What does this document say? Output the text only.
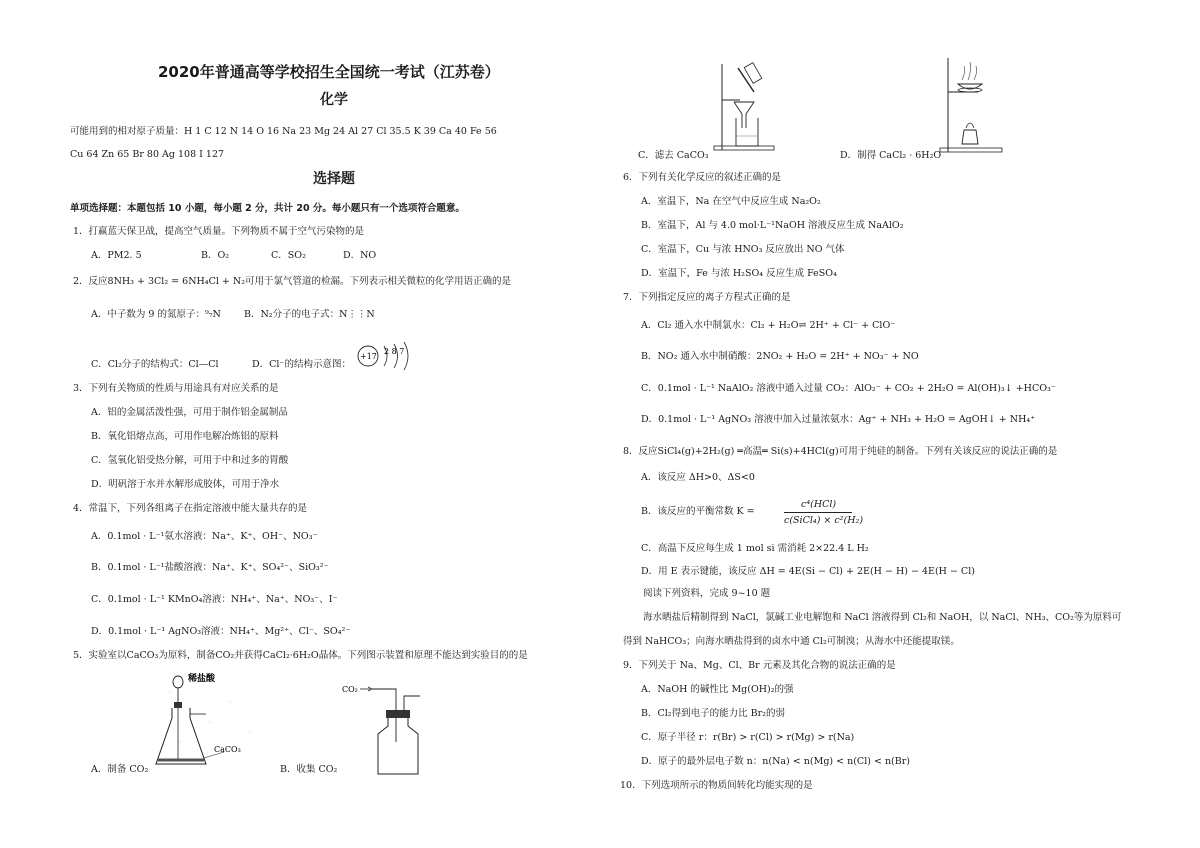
2020年普通高等学校招生全国统一考试（江苏卷）
化学
可能用到的相对原子质量：H 1 C 12 N 14 O 16 Na 23 Mg 24 Al 27 Cl 35.5 K 39 Ca 40 Fe 56
Cu 64 Zn 65 Br 80 Ag 108 I 127
选择题
单项选择题：本题包括 10 小题，每小题 2 分，共计 20 分。每小题只有一个选项符合题意。
1．打赢蓝天保卫战，提高空气质量。下列物质不属于空气污染物的是
A．PM2. 5	B．O₂	C．SO₂	D．NO
2．反应8NH₃ + 3Cl₂ = 6NH₄Cl + N₂可用于氯气管道的检漏。下列表示相关微粒的化学用语正确的是
A．中子数为 9 的氮原子：⁹₇N B．N₂分子的电子式：N⋮⋮N
C．Cl₂分子的结构式：Cl—Cl	D．Cl⁻的结构示意图：
+17
2 8 7
3．下列有关物质的性质与用途具有对应关系的是
A．铝的金属活泼性强，可用于制作铝金属制品
B．氧化铝熔点高，可用作电解冶炼铝的原料
C．氢氧化铝受热分解，可用于中和过多的胃酸
D．明矾溶于水并水解形成胶体，可用于净水
4．常温下，下列各组离子在指定溶液中能大量共存的是
A．0.1mol · L⁻¹氨水溶液：Na⁺、K⁺、OH⁻、NO₃⁻
B．0.1mol · L⁻¹盐酸溶液：Na⁺、K⁺、SO₄²⁻、SiO₃²⁻
C．0.1mol · L⁻¹ KMnO₄溶液：NH₄⁺、Na⁺、NO₃⁻、I⁻
D．0.1mol · L⁻¹ AgNO₃溶液：NH₄⁺、Mg²⁺、Cl⁻、SO₄²⁻
5．实验室以CaCO₃为原料，制备CO₂并获得CaCl₂·6H₂O晶体。下列图示装置和原理不能达到实验目的的是
稀盐酸
CaCO₃
A．制备 CO₂
CO₂
B．收集 CO₂
C．滤去 CaCO₃	D．制得 CaCl₂ · 6H₂O
6．下列有关化学反应的叙述正确的是
A．室温下，Na 在空气中反应生成 Na₂O₂
B．室温下，Al 与 4.0 mol·L⁻¹NaOH 溶液反应生成 NaAlO₂
C．室温下，Cu 与浓 HNO₃ 反应放出 NO 气体
D．室温下，Fe 与浓 H₂SO₄ 反应生成 FeSO₄
7．下列指定反应的离子方程式正确的是
A．Cl₂ 通入水中制氯水：Cl₂ + H₂O⇌ 2H⁺ + Cl⁻ + ClO⁻
B．NO₂ 通入水中制硝酸：2NO₂ + H₂O = 2H⁺ + NO₃⁻ + NO
C．0.1mol · L⁻¹ NaAlO₂ 溶液中通入过量 CO₂：AlO₂⁻ + CO₂ + 2H₂O = Al(OH)₃↓ +HCO₃⁻
D．0.1mol · L⁻¹ AgNO₃ 溶液中加入过量浓氨水：Ag⁺ + NH₃ + H₂O = AgOH↓ + NH₄⁺
8．反应SiCl₄(g)+2H₂(g) ═高温═ Si(s)+4HCl(g)可用于纯硅的制备。下列有关该反应的说法正确的是
A．该反应 ΔH>0、ΔS<0
B．该反应的平衡常数 K =
c⁴(HCl)
c(SiCl₄) × c²(H₂)
C．高温下反应每生成 1 mol si 需消耗 2×22.4 L H₂
D．用 E 表示键能，该反应 ΔH = 4E(Si − Cl) + 2E(H − H) − 4E(H − Cl)
阅读下列资料，完成 9~10 题
海水晒盐后精制得到 NaCl，氯碱工业电解饱和 NaCl 溶液得到 Cl₂和 NaOH，以 NaCl、NH₃、CO₂等为原料可
得到 NaHCO₃；向海水晒盐得到的卤水中通 Cl₂可制溴；从海水中还能提取镁。
9．下列关于 Na、Mg、Cl、Br 元素及其化合物的说法正确的是
A．NaOH 的碱性比 Mg(OH)₂的强
B．Cl₂得到电子的能力比 Br₂的弱
C．原子半径 r：r(Br) > r(Cl) > r(Mg) > r(Na)
D．原子的最外层电子数 n：n(Na) < n(Mg) < n(Cl) < n(Br)
10．下列选项所示的物质间转化均能实现的是
